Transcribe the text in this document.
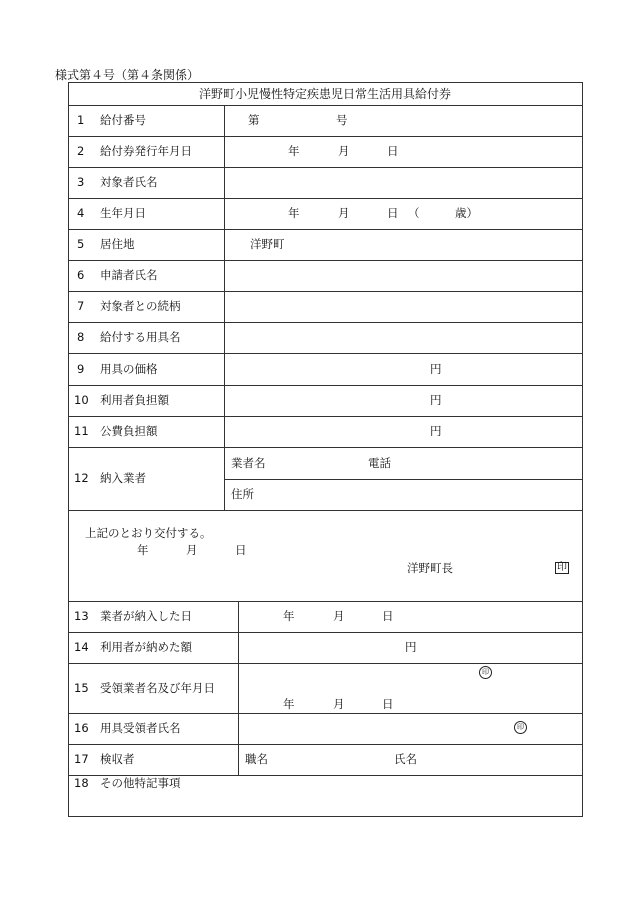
様式第４号（第４条関係）
洋野町小児慢性特定疾患児日常生活用具給付券
1 給付番号	第	号
2 給付券発行年月日	年	月	日
3 対象者氏名
4 生年月日	年	月	日 （	歳）
5 居住地	洋野町
6 申請者氏名
7 対象者との続柄
8 給付する用具名
9 用具の価格	円
10 利用者負担額	円
11 公費負担額	円
12 納入業者
業者名	電話
住所
上記のとおり交付する。
年	月	日
洋野町長	印
13 業者が納入した日	年	月	日
14 利用者が納めた額	円
15 受領業者名及び年月日
印
年	月	日
16 用具受領者氏名	印
17 検収者	職名	氏名
18 その他特記事項
